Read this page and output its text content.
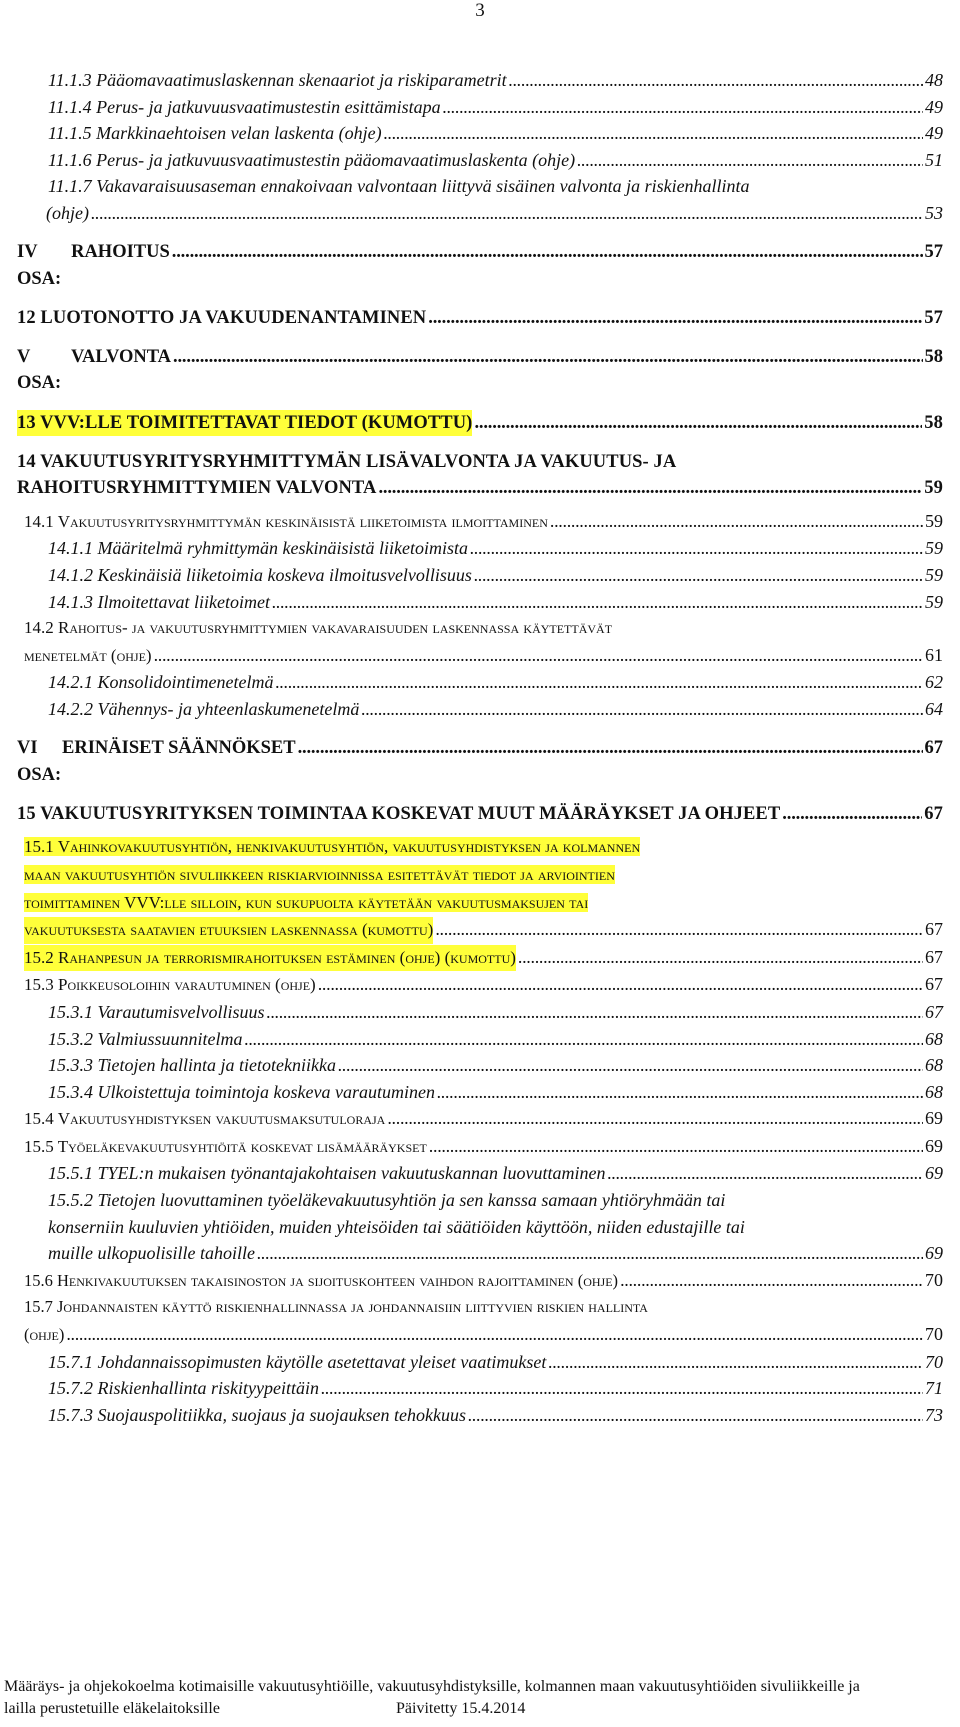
3
11.1.3 Pääomavaatimuslaskennan skenaariot ja riskiparametrit . . .	48
11.1.4 Perus- ja jatkuvuusvaatimustestin esittämistapa . . .	49
11.1.5 Markkinaehtoisen velan laskenta (ohje) . . .	49
11.1.6 Perus- ja jatkuvuusvaatimustestin pääomavaatimuslaskenta (ohje) . . .	51
11.1.7 Vakavaraisuusaseman ennakoivaan valvontaan liittyvä sisäinen valvonta ja riskienhallinta
(ohje) . . .	53
IV OSA:
RAHOITUS . . .	57
12 LUOTONOTTO JA VAKUUDENANTAMINEN . . .	57
V OSA:
VALVONTA . . .	58
13 VVV:LLE TOIMITETTAVAT TIEDOT (KUMOTTU) . . .	58
14 VAKUUTUSYRITYSRYHMITTYMÄN LISÄVALVONTA JA VAKUUTUS- JA
RAHOITUSRYHMITTYMIEN VALVONTA . . .	59
14.1 Vakuutusyritysryhmittymän keskinäisistä liiketoimista ilmoittaminen . . .	59
14.1.1 Määritelmä ryhmittymän keskinäisistä liiketoimista . . .	59
14.1.2 Keskinäisiä liiketoimia koskeva ilmoitusvelvollisuus . . .	59
14.1.3 Ilmoitettavat liiketoimet . . .	59
14.2 Rahoitus- ja vakuutusryhmittymien vakavaraisuuden laskennassa käytettävät
menetelmät (ohje) . . .	61
14.2.1 Konsolidointimenetelmä . . .	62
14.2.2 Vähennys- ja yhteenlaskumenetelmä . . .	64
VI OSA:
ERINÄISET SÄÄNNÖKSET . . .	67
15 VAKUUTUSYRITYKSEN TOIMINTAA KOSKEVAT MUUT MÄÄRÄYKSET JA OHJEET . . .	67
15.1 Vahinkovakuutusyhtiön, henkivakuutusyhtiön, vakuutusyhdistyksen ja kolmannen
maan vakuutusyhtiön sivuliikkeen riskiarvioinnissa esitettävät tiedot ja arviointien
toimittaminen VVV:lle silloin, kun sukupuolta käytetään vakuutusmaksujen tai
vakuutuksesta saatavien etuuksien laskennassa (kumottu) . . .	67
15.2 Rahanpesun ja terrorismirahoituksen estäminen (ohje) (kumottu) . . .	67
15.3 Poikkeusoloihin varautuminen (ohje) . . .	67
15.3.1 Varautumisvelvollisuus . . .	67
15.3.2 Valmiussuunnitelma . . .	68
15.3.3 Tietojen hallinta ja tietotekniikka . . .	68
15.3.4 Ulkoistettuja toimintoja koskeva varautuminen . . .	68
15.4 Vakuutusyhdistyksen vakuutusmaksutuloraja . . .	69
15.5 Työeläkevakuutusyhtiöitä koskevat lisämääräykset . . .	69
15.5.1 TYEL:n mukaisen työnantajakohtaisen vakuutuskannan luovuttaminen . . .	69
15.5.2 Tietojen luovuttaminen työeläkevakuutusyhtiön ja sen kanssa samaan yhtiöryhmään tai
konserniin kuuluvien yhtiöiden, muiden yhteisöiden tai säätiöiden käyttöön, niiden edustajille tai
muille ulkopuolisille tahoille . . .	69
15.6 Henkivakuutuksen takaisinoston ja sijoituskohteen vaihdon rajoittaminen (ohje) . . .	70
15.7 Johdannaisten käyttö riskienhallinnassa ja johdannaisiin liittyvien riskien hallinta
(ohje) . . .	70
15.7.1 Johdannaissopimusten käytölle asetettavat yleiset vaatimukset . . .	70
15.7.2 Riskienhallinta riskityypeittäin . . .	71
15.7.3 Suojauspolitiikka, suojaus ja suojauksen tehokkuus . . .	73
Määräys- ja ohjekokoelma kotimaisille vakuutusyhtiöille, vakuutusyhdistyksille, kolmannen maan vakuutusyhtiöiden sivuliikkeille ja
laillа perustetuille eläkelaitoksille	Päivitetty 15.4.2014
